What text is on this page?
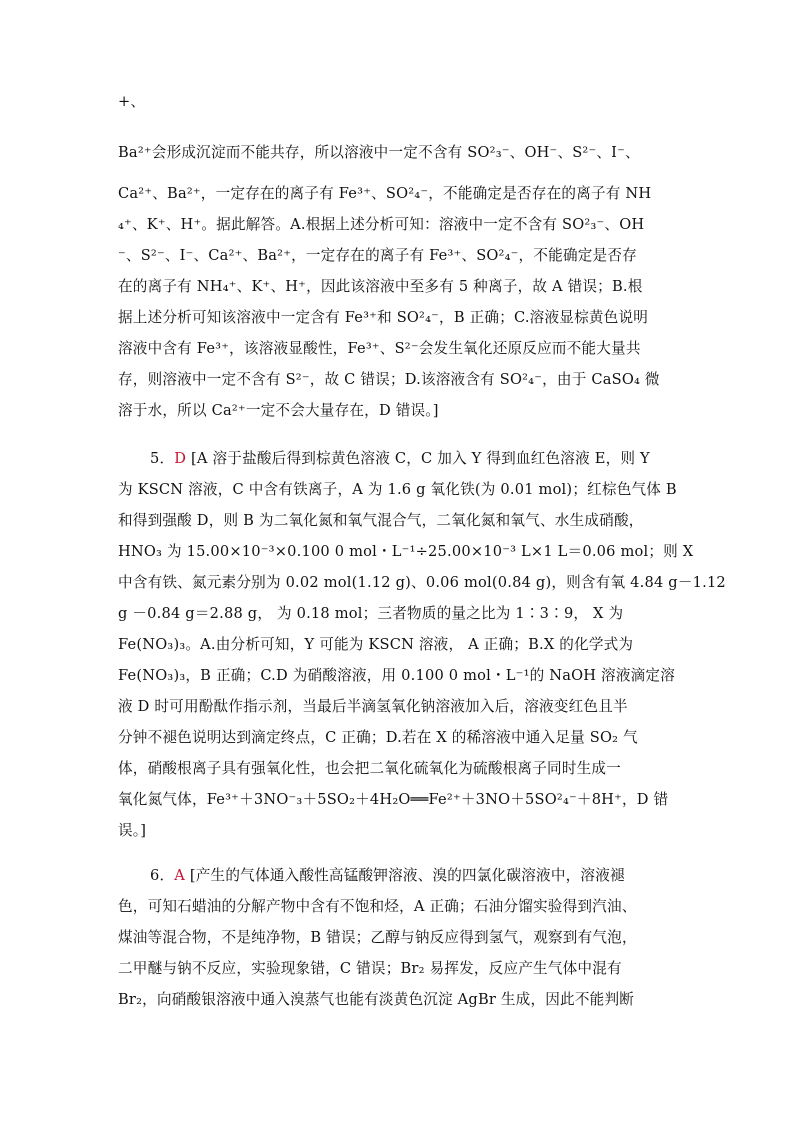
+、
Ba²⁺会形成沉淀而不能共存，所以溶液中一定不含有 SO²₃⁻、OH⁻、S²⁻、I⁻、
Ca²⁺、Ba²⁺，一定存在的离子有 Fe³⁺、SO²₄⁻，不能确定是否存在的离子有 NH
₄⁺、K⁺、H⁺。据此解答。A.根据上述分析可知：溶液中一定不含有 SO²₃⁻、OH
⁻、S²⁻、I⁻、Ca²⁺、Ba²⁺，一定存在的离子有 Fe³⁺、SO²₄⁻，不能确定是否存
在的离子有 NH₄⁺、K⁺、H⁺，因此该溶液中至多有 5 种离子，故 A 错误；B.根
据上述分析可知该溶液中一定含有 Fe³⁺和 SO²₄⁻，B 正确；C.溶液显棕黄色说明
溶液中含有 Fe³⁺，该溶液显酸性，Fe³⁺、S²⁻会发生氧化还原反应而不能大量共
存，则溶液中一定不含有 S²⁻，故 C 错误；D.该溶液含有 SO²₄⁻，由于 CaSO₄ 微
溶于水，所以 Ca²⁺一定不会大量存在，D 错误。]
5．D [A 溶于盐酸后得到棕黄色溶液 C，C 加入 Y 得到血红色溶液 E，则 Y
为 KSCN 溶液，C 中含有铁离子，A 为 1.6 g 氧化铁(为 0.01 mol)；红棕色气体 B
和得到强酸 D，则 B 为二氧化氮和氧气混合气，二氧化氮和氧气、水生成硝酸，
HNO₃ 为 15.00×10⁻³×0.100 0 mol・L⁻¹÷25.00×10⁻³ L×1 L＝0.06 mol；则 X
中含有铁、氮元素分别为 0.02 mol(1.12 g)、0.06 mol(0.84 g)，则含有氧 4.84 g－1.12
g －0.84 g＝2.88 g， 为 0.18 mol；三者物质的量之比为 1∶3∶9， X 为
Fe(NO₃)₃。A.由分析可知，Y 可能为 KSCN 溶液， A 正确；B.X 的化学式为
Fe(NO₃)₃，B 正确；C.D 为硝酸溶液，用 0.100 0 mol・L⁻¹的 NaOH 溶液滴定溶
液 D 时可用酚酞作指示剂，当最后半滴氢氧化钠溶液加入后，溶液变红色且半
分钟不褪色说明达到滴定终点，C 正确；D.若在 X 的稀溶液中通入足量 SO₂ 气
体，硝酸根离子具有强氧化性，也会把二氧化硫氧化为硫酸根离子同时生成一
氧化氮气体，Fe³⁺＋3NO⁻₃＋5SO₂＋4H₂O══Fe²⁺＋3NO＋5SO²₄⁻＋8H⁺，D 错
误。]
6．A [产生的气体通入酸性高锰酸钾溶液、溴的四氯化碳溶液中，溶液褪
色，可知石蜡油的分解产物中含有不饱和烃，A 正确；石油分馏实验得到汽油、
煤油等混合物，不是纯净物，B 错误；乙醇与钠反应得到氢气，观察到有气泡，
二甲醚与钠不反应，实验现象错，C 错误；Br₂ 易挥发，反应产生气体中混有
Br₂，向硝酸银溶液中通入溴蒸气也能有淡黄色沉淀 AgBr 生成，因此不能判断
